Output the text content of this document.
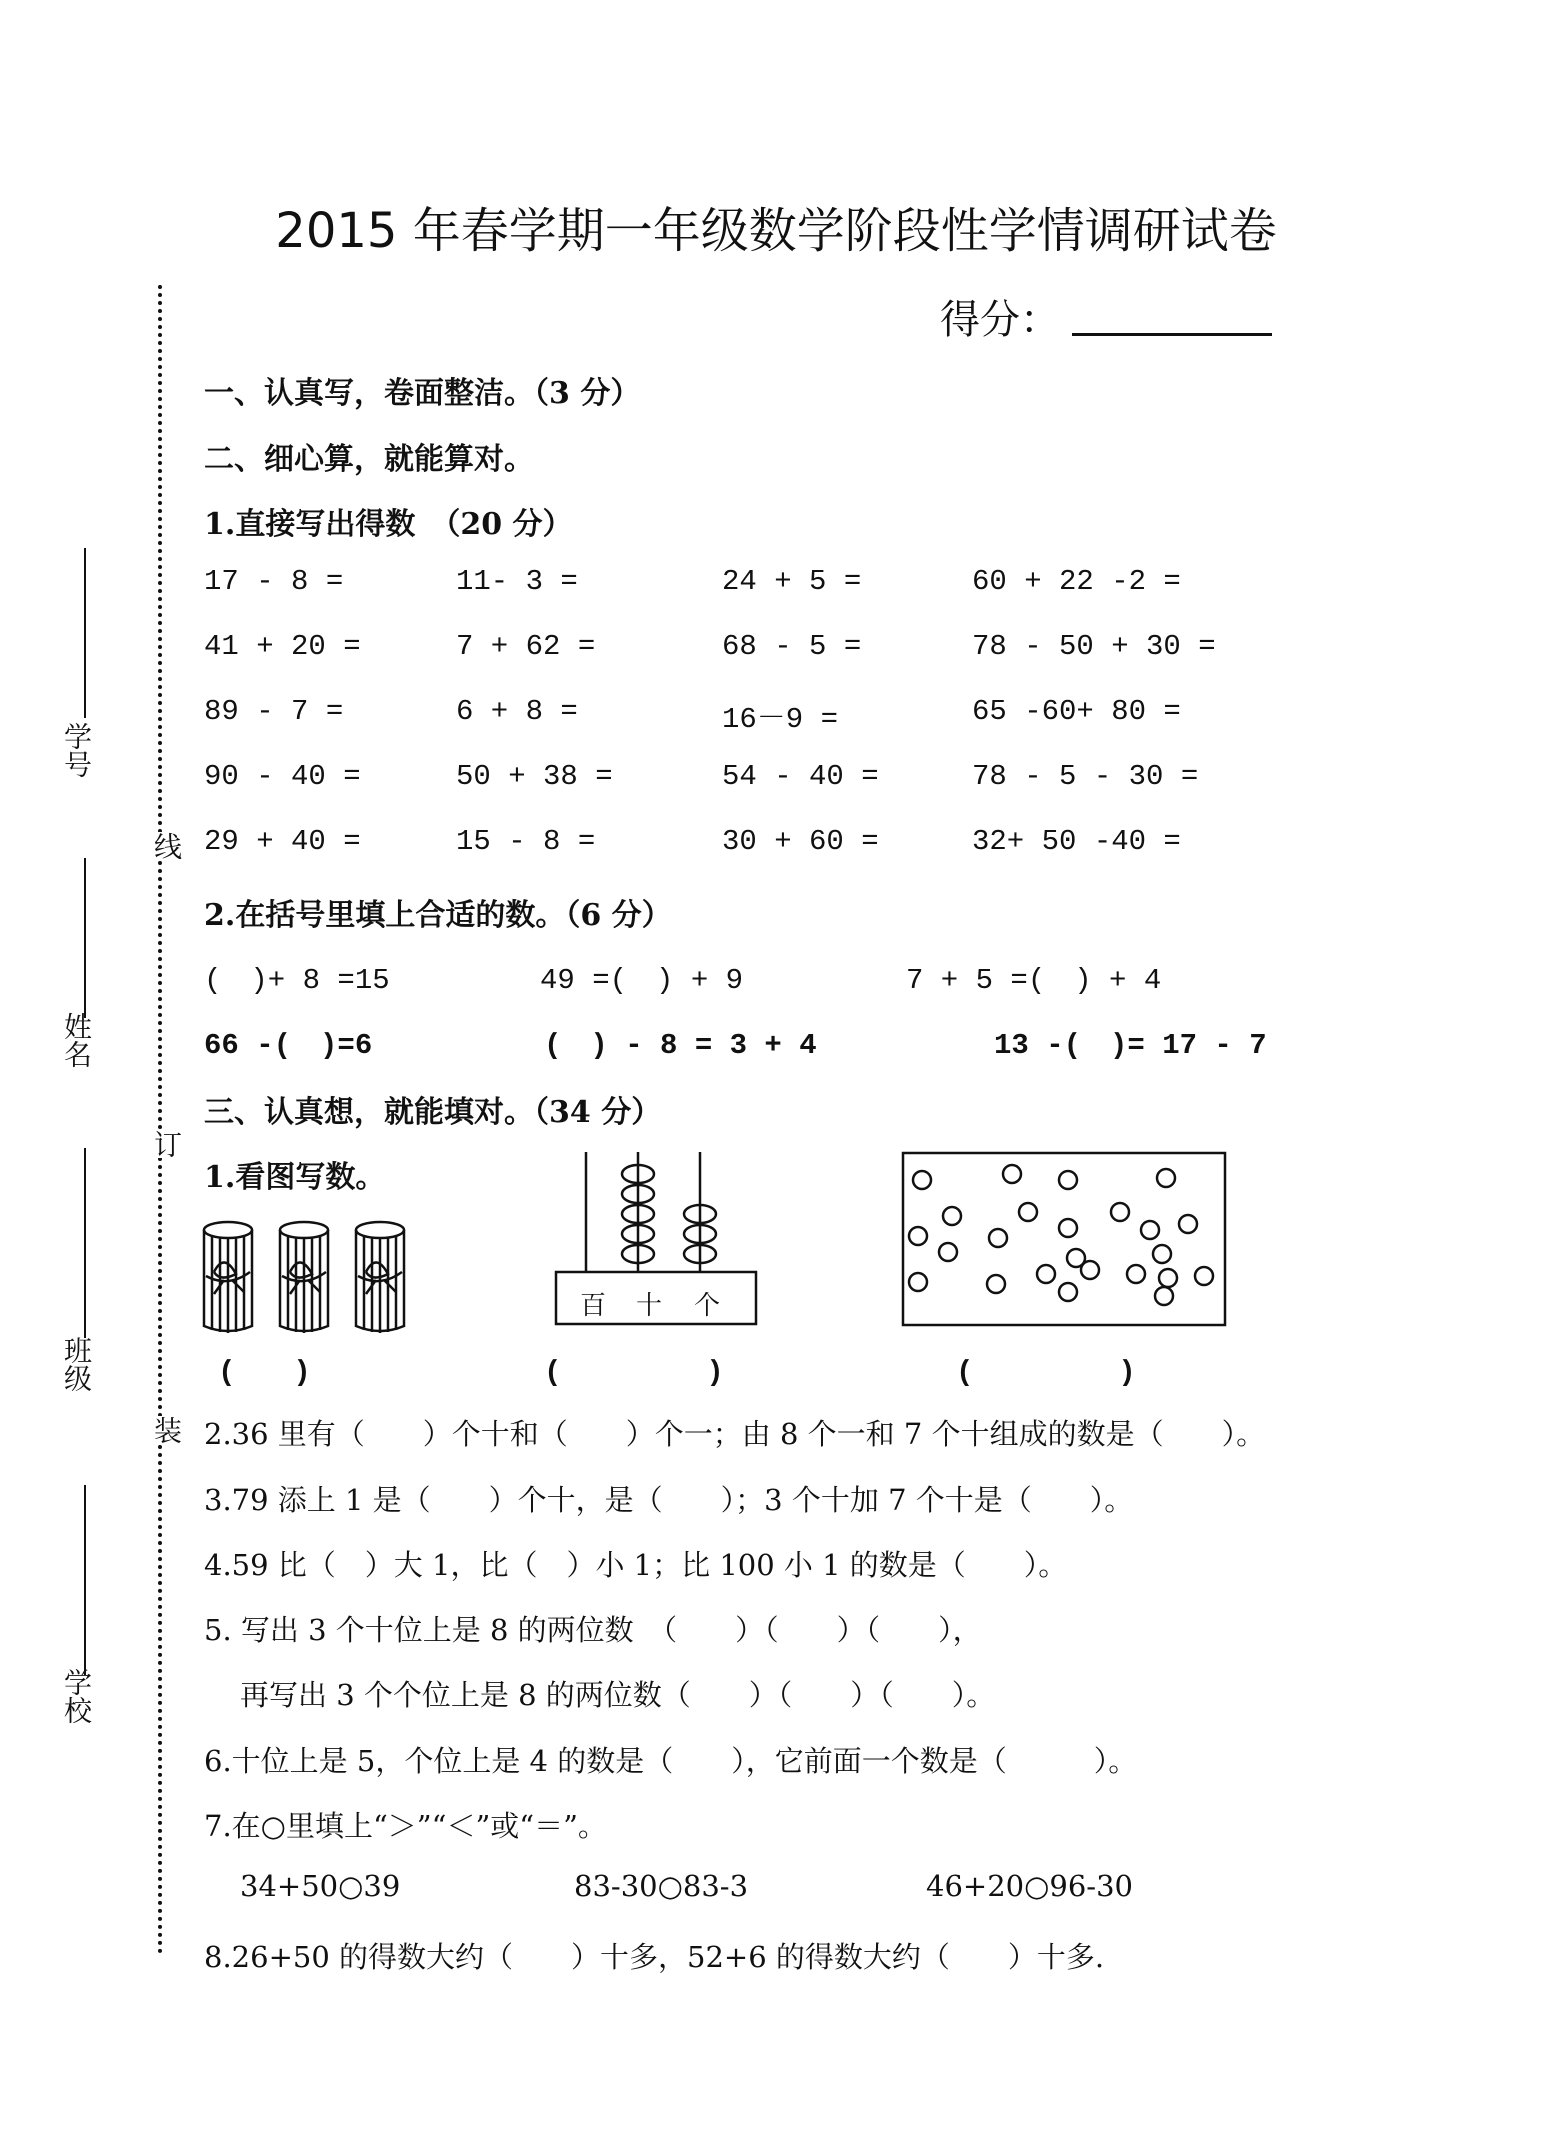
2015 年春学期一年级数学阶段性学情调研试卷
得分：
学号
姓名
班级
学校
线
订
装
一、认真写，卷面整洁。（3 分）
二、细心算，就能算对。
1.直接写出得数　（20 分）
17 - 8 =	11- 3 =	24 + 5 =	60 + 22 -2 =
41 + 20 =	7 + 62 =	68 - 5 =	78 - 50 + 30 =
89 - 7 =	6 + 8 =	16－9 =	65 -60+ 80 =
90 - 40 =	50 + 38 =	54 - 40 =	78 - 5 - 30 =
29 + 40 =	15 - 8 =	30 + 60 =	32+ 50 -40 =
2.在括号里填上合适的数。（6 分）
(　)+ 8 =15	49 =(　) + 9	7 + 5 =(　) + 4
66 -(　)=6	(　) - 8 = 3 + 4	13 -(　)= 17 - 7
三、认真想，就能填对。（34 分）
1.看图写数。
(　　)
百 十 个
(　　　　　)	(　　　　　)
2.36 里有（　　）个十和（　　）个一；由 8 个一和 7 个十组成的数是（　　）。
3.79 添上 1 是（　　）个十，是（　　）；3 个十加 7 个十是（　　）。
4.59 比（　）大 1，比（　）小 1；比 100 小 1 的数是（　　）。
5. 写出 3 个十位上是 8 的两位数　（　　）（　　）（　　），
再写出 3 个个位上是 8 的两位数（　　）（　　）（　　）。
6.十位上是 5，个位上是 4 的数是（　　），它前面一个数是（　　　）。
7.在○里填上“＞”“＜”或“＝”。
34+50○39	83-30○83-3	46+20○96-30
8.26+50 的得数大约（　　）十多，52+6 的得数大约（　　）十多.
